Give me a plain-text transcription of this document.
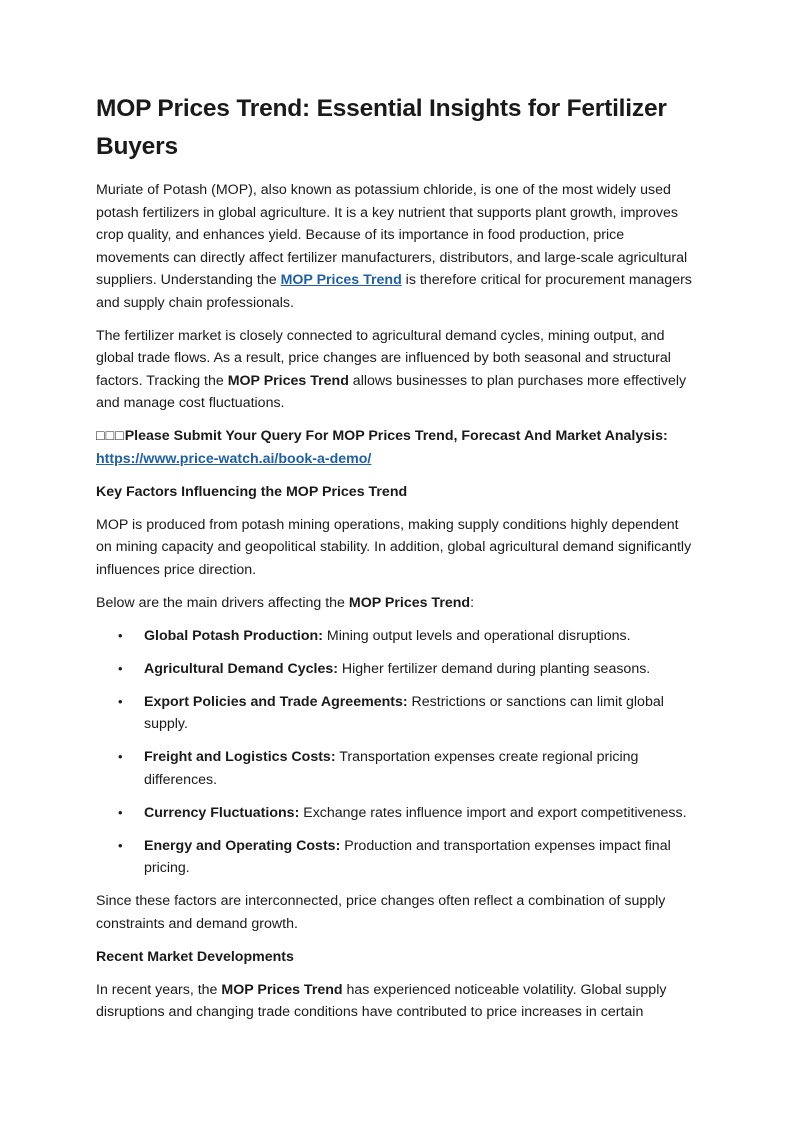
MOP Prices Trend: Essential Insights for Fertilizer Buyers

Muriate of Potash (MOP), also known as potassium chloride, is one of the most widely used potash fertilizers in global agriculture. It is a key nutrient that supports plant growth, improves crop quality, and enhances yield. Because of its importance in food production, price movements can directly affect fertilizer manufacturers, distributors, and large-scale agricultural suppliers. Understanding the MOP Prices Trend is therefore critical for procurement managers and supply chain professionals.

The fertilizer market is closely connected to agricultural demand cycles, mining output, and global trade flows. As a result, price changes are influenced by both seasonal and structural factors. Tracking the MOP Prices Trend allows businesses to plan purchases more effectively and manage cost fluctuations.

□□□Please Submit Your Query For MOP Prices Trend, Forecast And Market Analysis: https://www.price-watch.ai/book-a-demo/

Key Factors Influencing the MOP Prices Trend

MOP is produced from potash mining operations, making supply conditions highly dependent on mining capacity and geopolitical stability. In addition, global agricultural demand significantly influences price direction.

Below are the main drivers affecting the MOP Prices Trend:

• Global Potash Production: Mining output levels and operational disruptions.
• Agricultural Demand Cycles: Higher fertilizer demand during planting seasons.
• Export Policies and Trade Agreements: Restrictions or sanctions can limit global supply.
• Freight and Logistics Costs: Transportation expenses create regional pricing differences.
• Currency Fluctuations: Exchange rates influence import and export competitiveness.
• Energy and Operating Costs: Production and transportation expenses impact final pricing.

Since these factors are interconnected, price changes often reflect a combination of supply constraints and demand growth.

Recent Market Developments

In recent years, the MOP Prices Trend has experienced noticeable volatility. Global supply disruptions and changing trade conditions have contributed to price increases in certain
